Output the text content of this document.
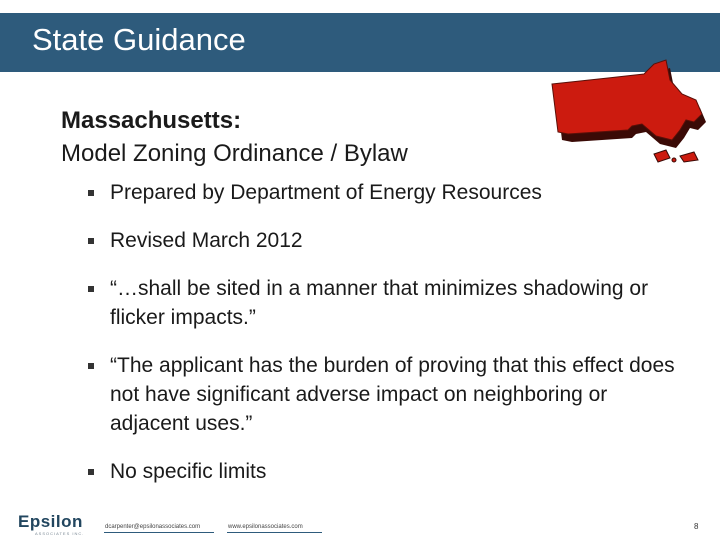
State Guidance
Massachusetts:
Model Zoning Ordinance / Bylaw
Prepared by Department of Energy Resources
Revised March 2012
“…shall be sited in a manner that minimizes shadowing or flicker impacts.”
“The applicant has the burden of proving that this effect does not have significant adverse impact on neighboring or adjacent uses.”
No specific limits
Epsilon
ASSOCIATES INC.
dcarpenter@epsilonassociates.com	www.epsilonassociates.com	8
